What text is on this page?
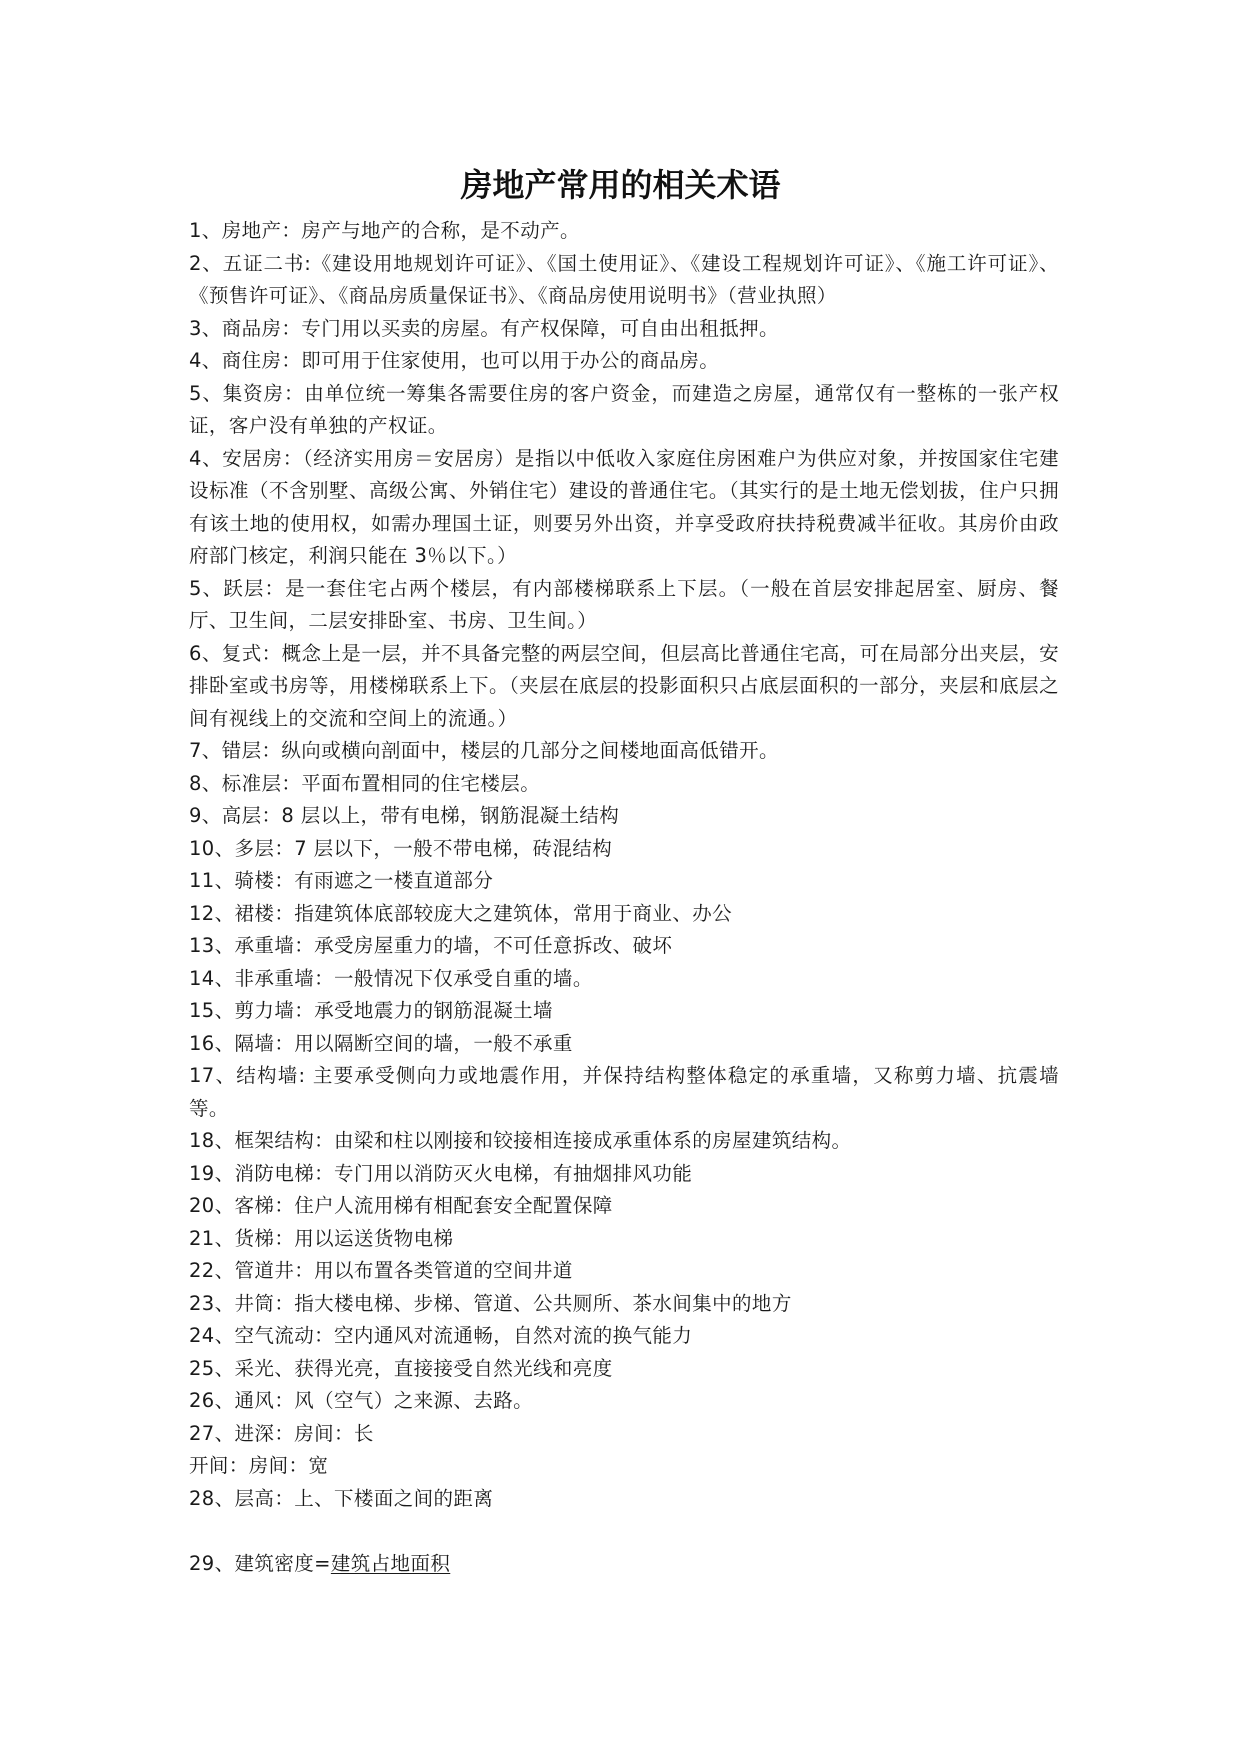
房地产常用的相关术语

1、房地产：房产与地产的合称，是不动产。

2、五证二书:《建设用地规划许可证》、《国土使用证》、《建设工程规划许可证》、《施工许可证》、《预售许可证》、《商品房质量保证书》、《商品房使用说明书》（营业执照）

3、商品房：专门用以买卖的房屋。有产权保障，可自由出租抵押。

4、商住房：即可用于住家使用，也可以用于办公的商品房。

5、集资房：由单位统一筹集各需要住房的客户资金，而建造之房屋，通常仅有一整栋的一张产权证，客户没有单独的产权证。

4、安居房：（经济实用房＝安居房）是指以中低收入家庭住房困难户为供应对象，并按国家住宅建设标准（不含别墅、高级公寓、外销住宅）建设的普通住宅。（其实行的是土地无偿划拔，住户只拥有该土地的使用权，如需办理国土证，则要另外出资，并享受政府扶持税费减半征收。其房价由政府部门核定，利润只能在 3％以下。）

5、跃层：是一套住宅占两个楼层，有内部楼梯联系上下层。（一般在首层安排起居室、厨房、餐厅、卫生间，二层安排卧室、书房、卫生间。）

6、复式：概念上是一层，并不具备完整的两层空间，但层高比普通住宅高，可在局部分出夹层，安排卧室或书房等，用楼梯联系上下。（夹层在底层的投影面积只占底层面积的一部分，夹层和底层之间有视线上的交流和空间上的流通。）

7、错层：纵向或横向剖面中，楼层的几部分之间楼地面高低错开。

8、标准层：平面布置相同的住宅楼层。

9、高层：8 层以上，带有电梯，钢筋混凝土结构

10、多层：7 层以下，一般不带电梯，砖混结构

11、骑楼：有雨遮之一楼直道部分

12、裙楼：指建筑体底部较庞大之建筑体，常用于商业、办公

13、承重墙：承受房屋重力的墙，不可任意拆改、破坏

14、非承重墙：一般情况下仅承受自重的墙。

15、剪力墙：承受地震力的钢筋混凝土墙

16、隔墙：用以隔断空间的墙，一般不承重

17、结构墙: 主要承受侧向力或地震作用，并保持结构整体稳定的承重墙，又称剪力墙、抗震墙等。

18、框架结构：由梁和柱以刚接和铰接相连接成承重体系的房屋建筑结构。

19、消防电梯：专门用以消防灭火电梯，有抽烟排风功能

20、客梯：住户人流用梯有相配套安全配置保障

21、货梯：用以运送货物电梯

22、管道井：用以布置各类管道的空间井道

23、井筒：指大楼电梯、步梯、管道、公共厕所、茶水间集中的地方

24、空气流动：空内通风对流通畅，自然对流的换气能力

25、采光、获得光亮，直接接受自然光线和亮度

26、通风：风（空气）之来源、去路。

27、进深：房间：长

开间：房间：宽

28、层高：上、下楼面之间的距离

29、建筑密度=建筑占地面积
